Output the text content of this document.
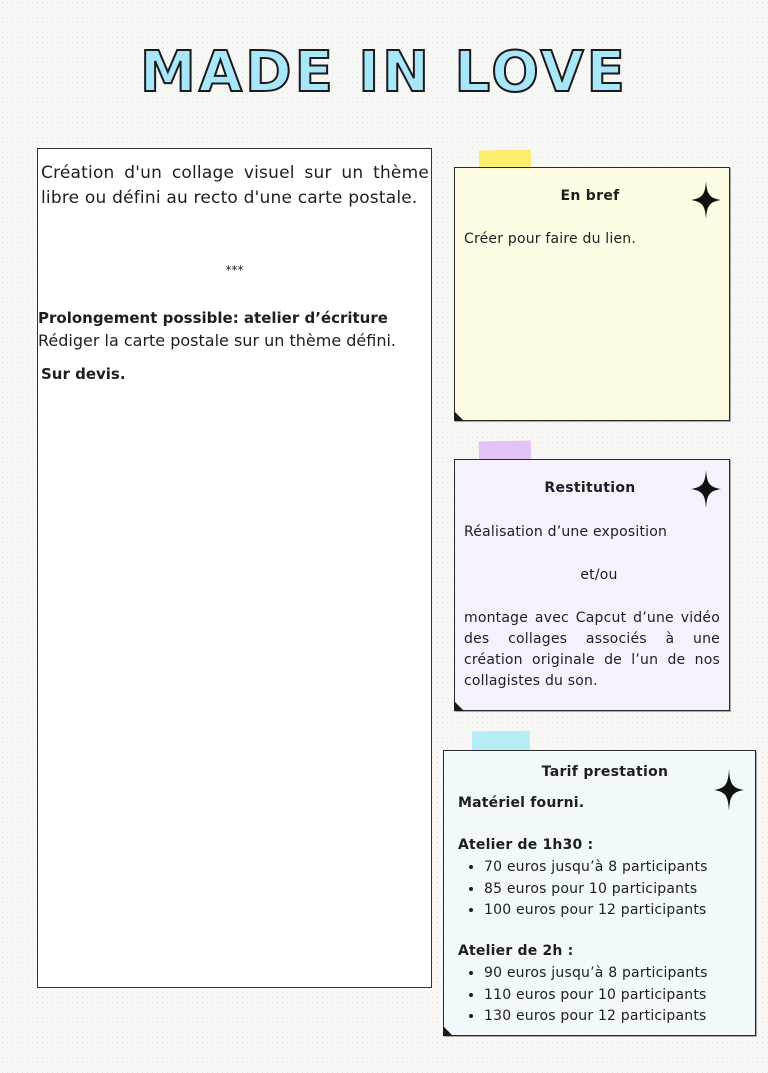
MADE IN LOVE

Création d'un collage visuel sur un thème libre ou défini au recto d'une carte postale.

***
Prolongement possible: atelier d’écriture
Rédiger la carte postale sur un thème défini.
Sur devis.
En bref
Créer pour faire du lien.
Restitution
Réalisation d’une exposition
et/ou
montage avec Capcut d’une vidéo des collages associés à une création originale de l’un de nos collagistes du son.
Tarif prestation
Matériel fourni.
Atelier de 1h30 :
• 70 euros jusqu’à 8 participants
• 85 euros pour 10 participants
• 100 euros pour 12 participants
Atelier de 2h :
• 90 euros jusqu’à 8 participants
• 110 euros pour 10 participants
• 130 euros pour 12 participants
